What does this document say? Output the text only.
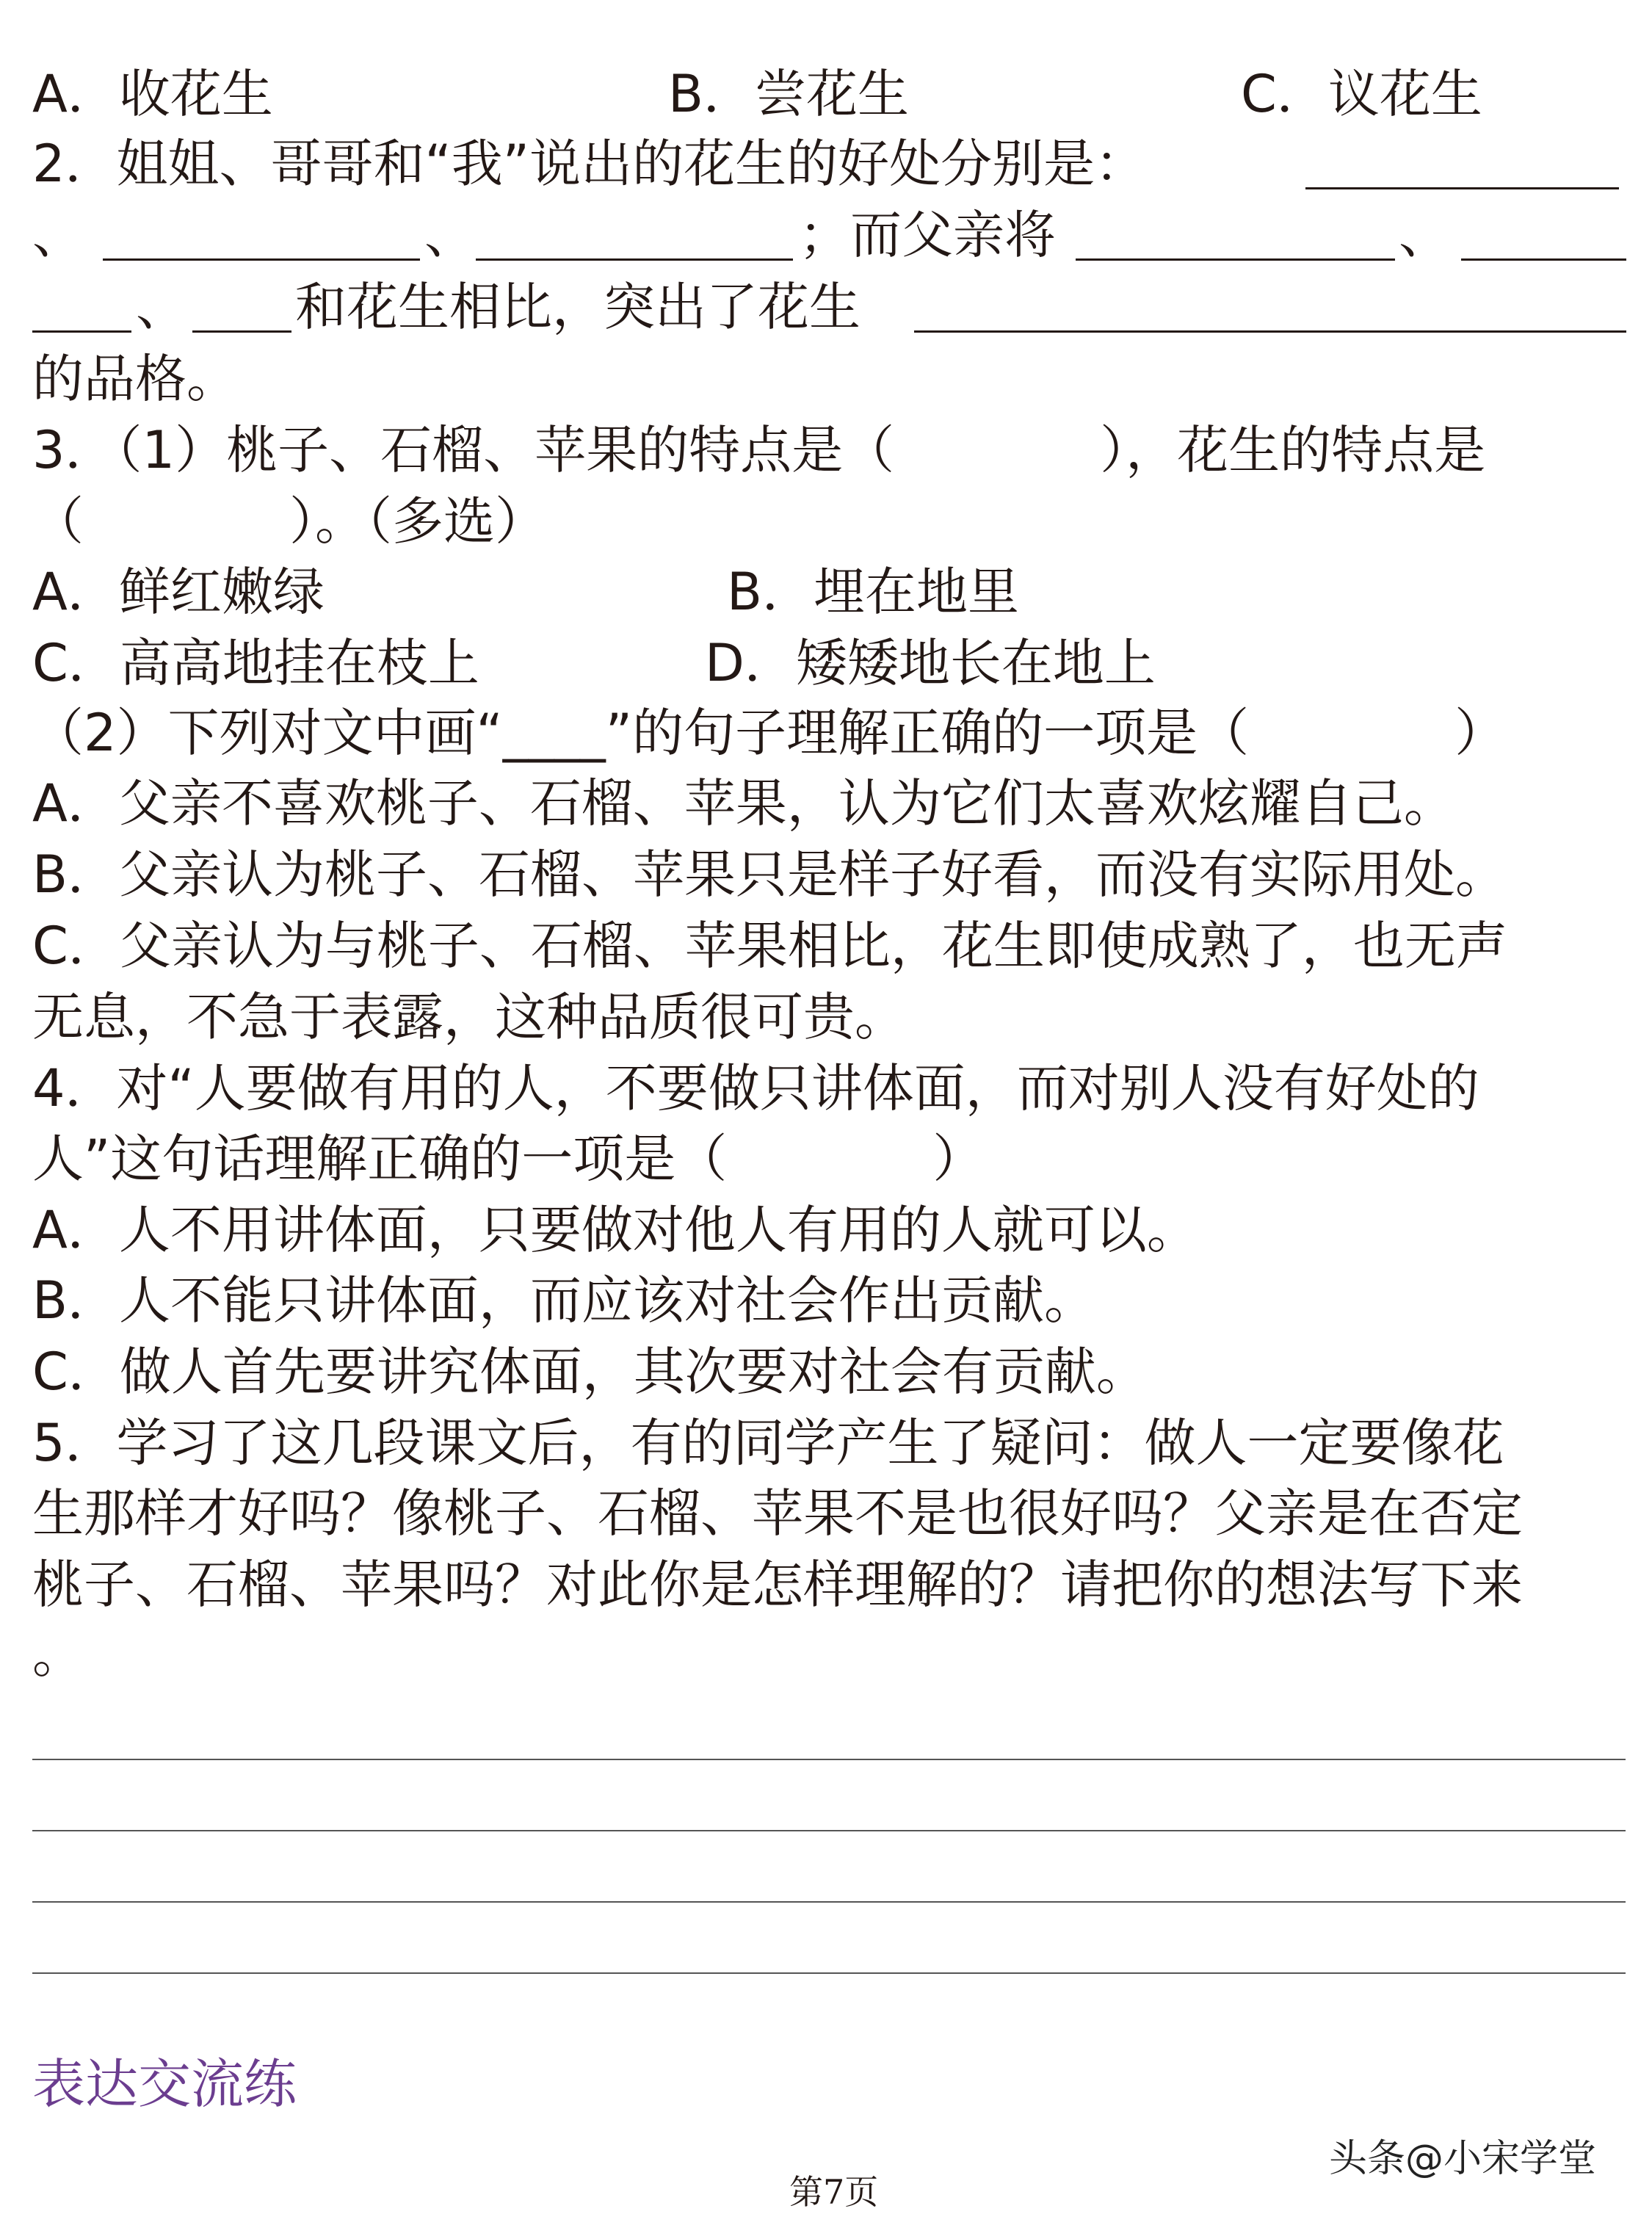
A．收花生	B．尝花生	C．议花生
2．姐姐、哥哥和“我”说出的花生的好处分别是：
、	、	；而父亲将	、
、 和花生相比，突出了花生
的品格。
3．（1）桃子、石榴、苹果的特点是（　　　　），花生的特点是
（　　　　）。（多选）
A．鲜红嫩绿	B．埋在地里
C．高高地挂在枝上	D．矮矮地长在地上
（2）下列对文中画“____”的句子理解正确的一项是（　　　　）
A．父亲不喜欢桃子、石榴、苹果，认为它们太喜欢炫耀自己。
B．父亲认为桃子、石榴、苹果只是样子好看，而没有实际用处。
C．父亲认为与桃子、石榴、苹果相比，花生即使成熟了，也无声
无息，不急于表露，这种品质很可贵。
4．对“人要做有用的人，不要做只讲体面，而对别人没有好处的
人”这句话理解正确的一项是（　　　　）
A．人不用讲体面，只要做对他人有用的人就可以。
B．人不能只讲体面，而应该对社会作出贡献。
C．做人首先要讲究体面，其次要对社会有贡献。
5．学习了这几段课文后，有的同学产生了疑问：做人一定要像花
生那样才好吗？像桃子、石榴、苹果不是也很好吗？父亲是在否定
桃子、石榴、苹果吗？对此你是怎样理解的？请把你的想法写下来
。
表达交流练
头条@小宋学堂
第7页
